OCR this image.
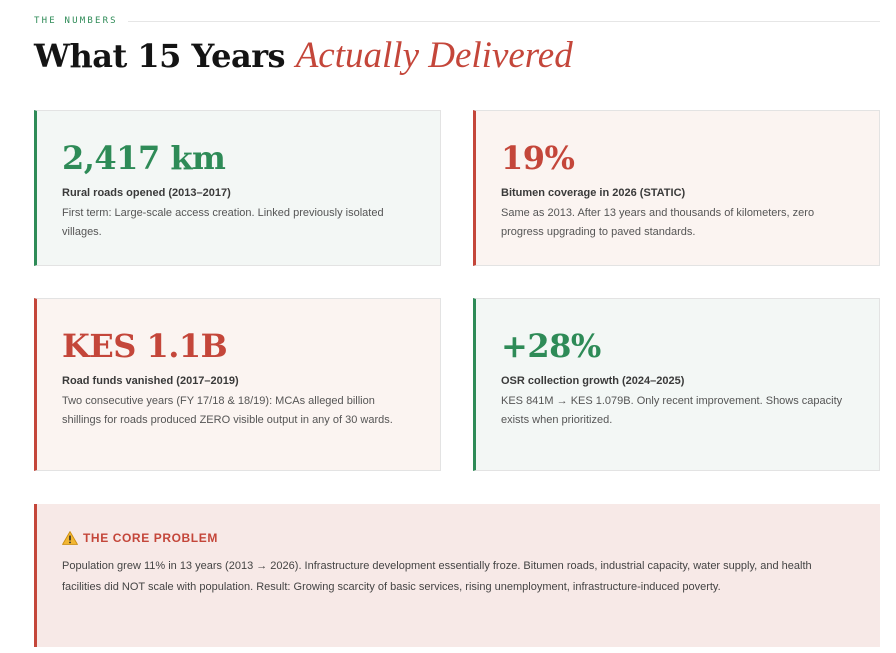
THE NUMBERS
What 15 Years Actually Delivered
2,417 km
Rural roads opened (2013–2017)
First term: Large-scale access creation. Linked previously isolated villages.
19%
Bitumen coverage in 2026 (STATIC)
Same as 2013. After 13 years and thousands of kilometers, zero progress upgrading to paved standards.
KES 1.1B
Road funds vanished (2017–2019)
Two consecutive years (FY 17/18 & 18/19): MCAs alleged billion shillings for roads produced ZERO visible output in any of 30 wards.
+28%
OSR collection growth (2024–2025)
KES 841M → KES 1.079B. Only recent improvement. Shows capacity exists when prioritized.
THE CORE PROBLEM
Population grew 11% in 13 years (2013 → 2026). Infrastructure development essentially froze. Bitumen roads, industrial capacity, water supply, and health facilities did NOT scale with population. Result: Growing scarcity of basic services, rising unemployment, infrastructure-induced poverty.
